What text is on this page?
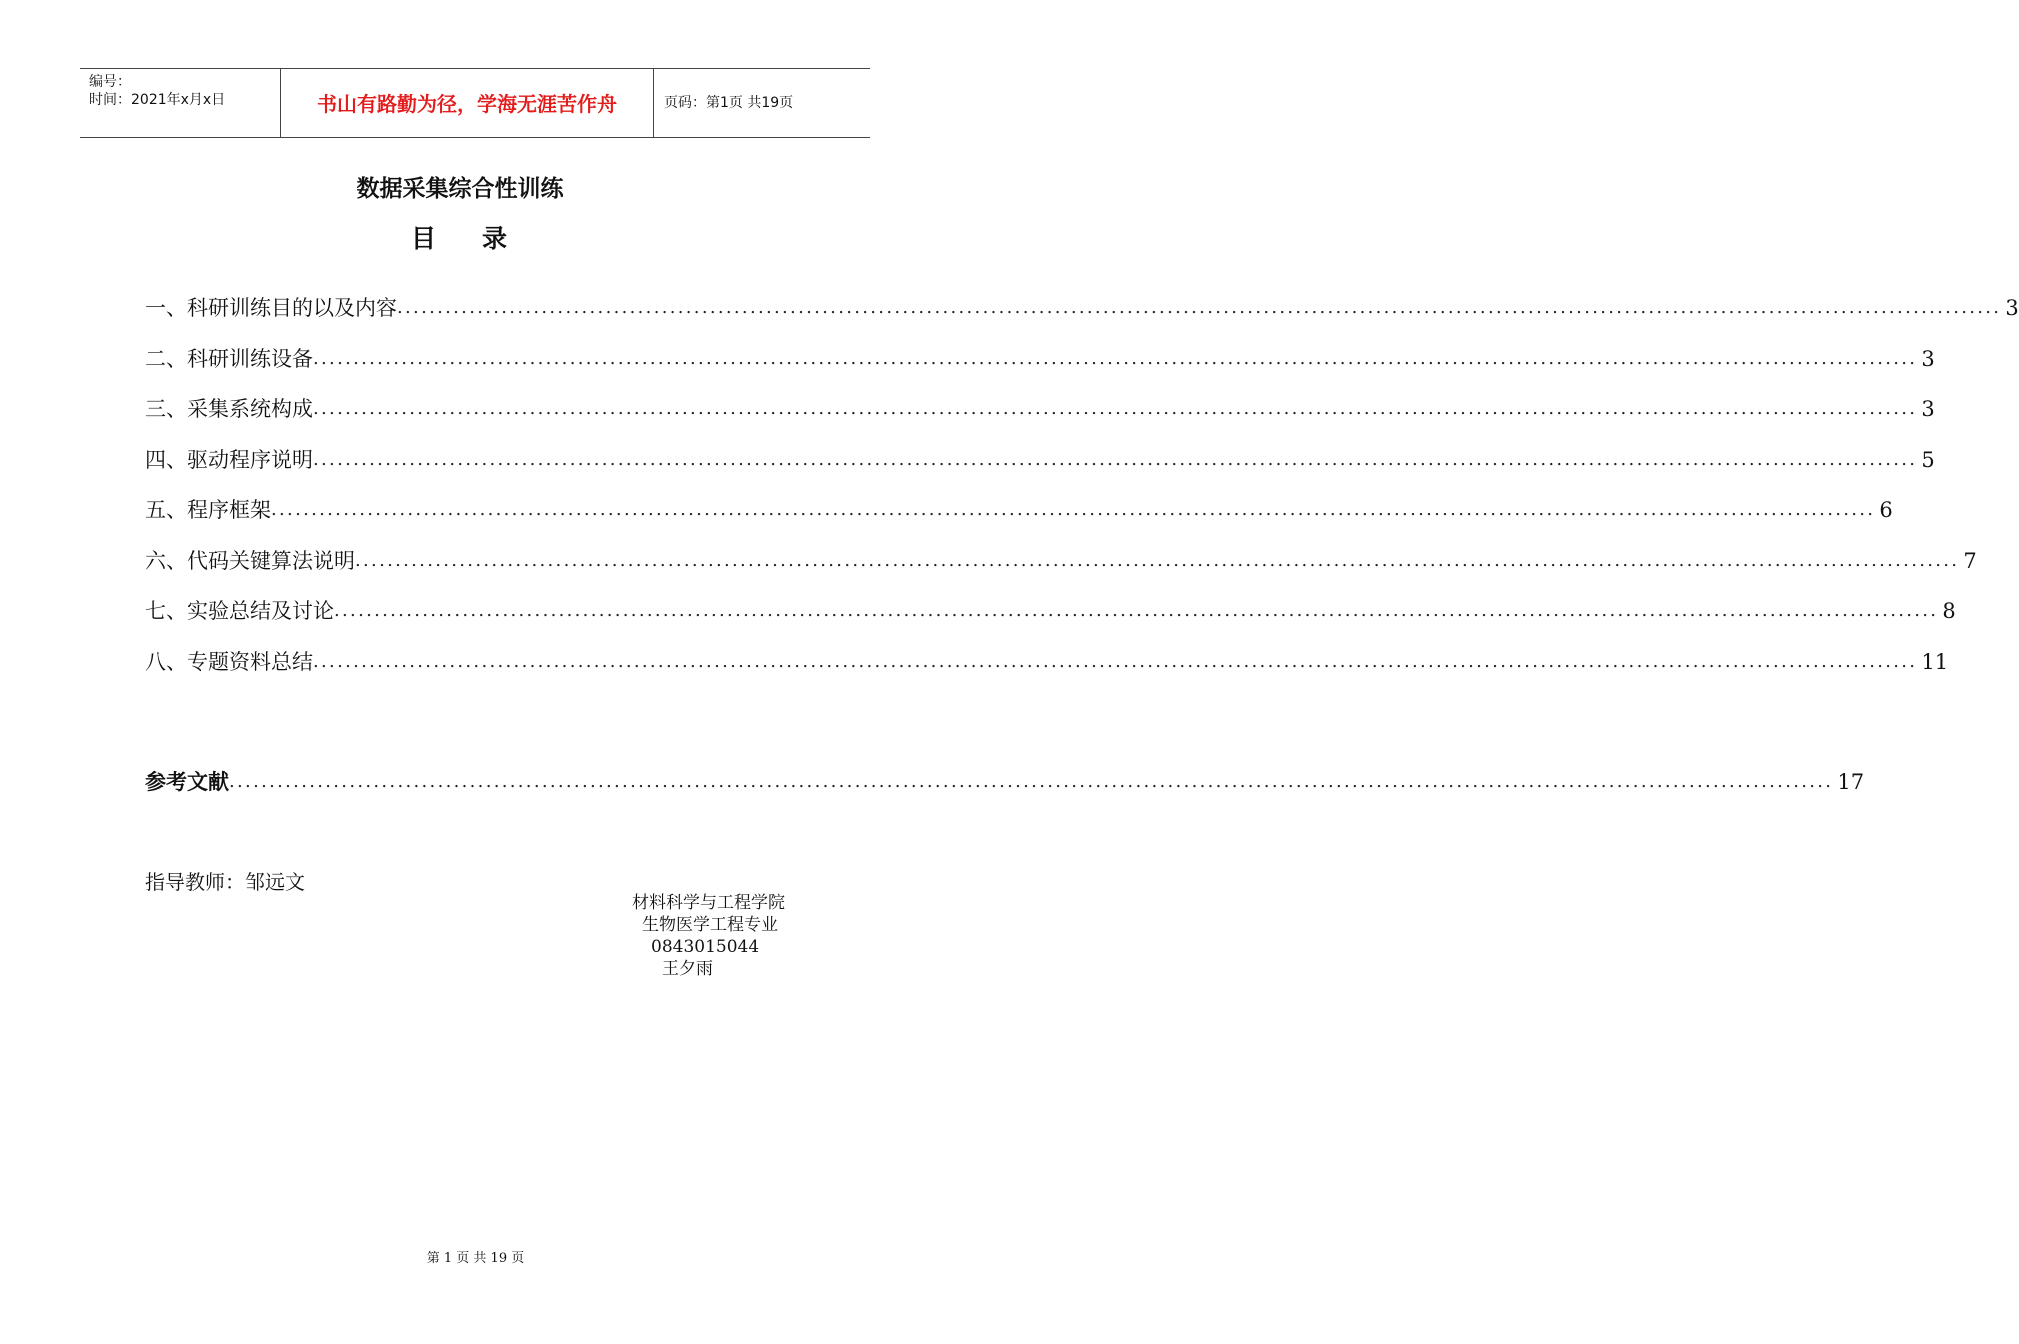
编号：
时间：2021年x月x日	书山有路勤为径，学海无涯苦作舟	页码：第1页 共19页
数据采集综合性训练
目 录
一、科研训练目的以及内容 ........................................................................................................................................................................................................ 3
二、科研训练设备 ........................................................................................................................................................................................................ 3
三、采集系统构成 ........................................................................................................................................................................................................ 3
四、驱动程序说明 ........................................................................................................................................................................................................ 5
五、程序框架 ........................................................................................................................................................................................................ 6
六、代码关键算法说明 ........................................................................................................................................................................................................ 7
七、实验总结及讨论 ........................................................................................................................................................................................................ 8
八、专题资料总结 ........................................................................................................................................................................................................ 11
参考文献 ........................................................................................................................................................................................................ 17
指导教师：邹远文
材料科学与工程学院
生物医学工程专业
0843015044
王夕雨
第 1 页 共 19 页
